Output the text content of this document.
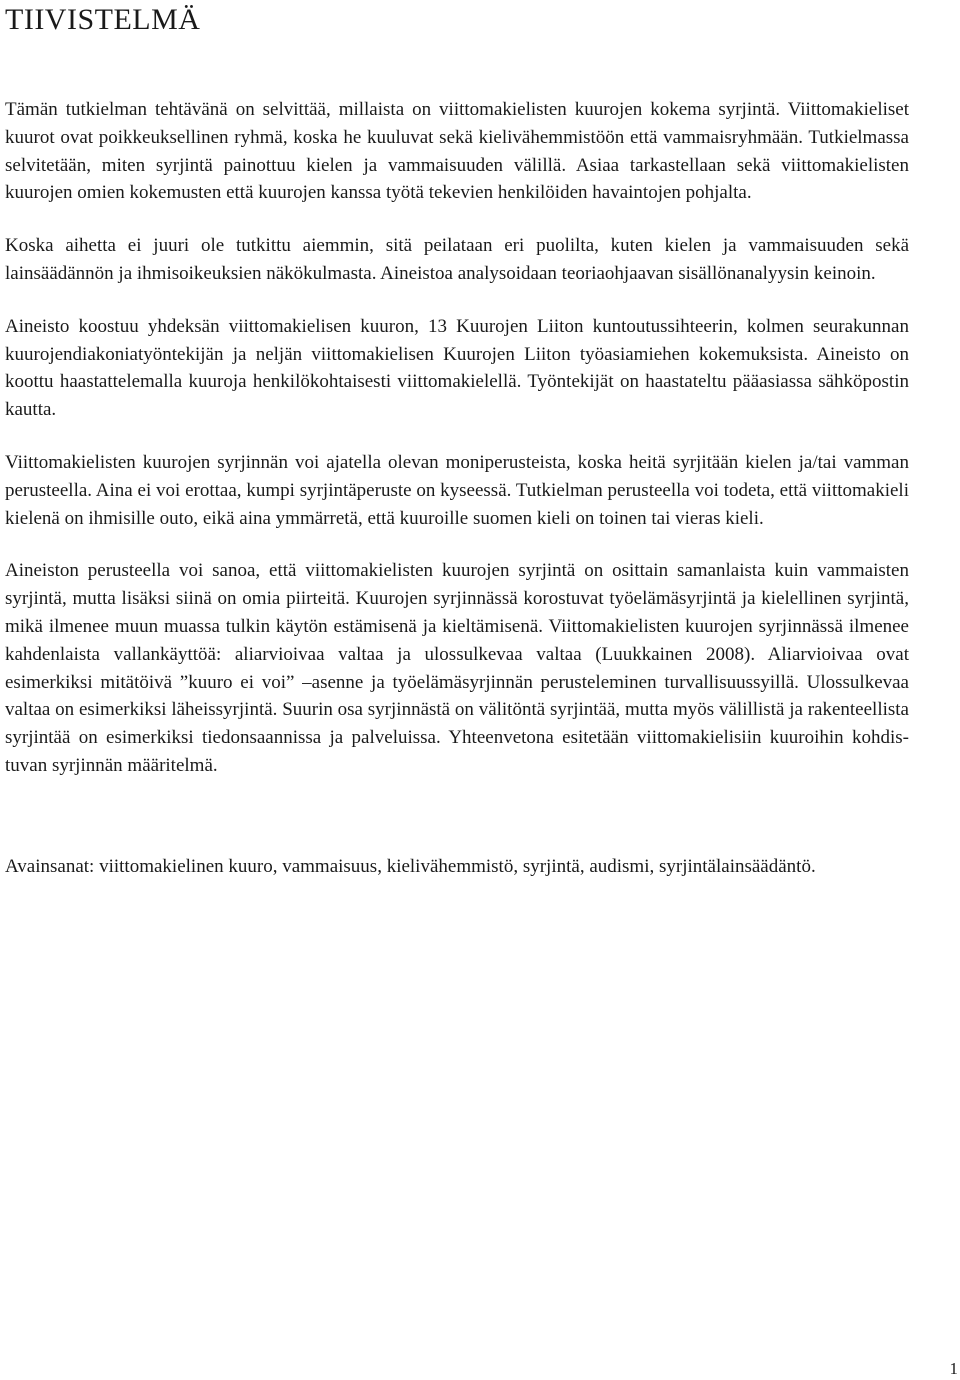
TIIVISTELMÄ

Tämän tutkielman tehtävänä on selvittää, millaista on viittomakielisten kuurojen kokema syrjintä. Viittomakieliset kuurot ovat poikkeuksellinen ryhmä, koska he kuuluvat sekä kielivähemmistöön että vammaisryhmään. Tutkielmassa selvitetään, miten syrjintä painottuu kielen ja vammaisuuden välillä. Asiaa tarkastellaan sekä viittomakielisten kuurojen omien kokemusten että kuurojen kanssa työtä tekevien henkilöiden havaintojen pohjalta.

Koska aihetta ei juuri ole tutkittu aiemmin, sitä peilataan eri puolilta, kuten kielen ja vammaisuuden sekä lainsäädännön ja ihmisoikeuksien näkökulmasta. Aineistoa analysoidaan teoriaohjaavan sisällönanalyysin keinoin.

Aineisto koostuu yhdeksän viittomakielisen kuuron, 13 Kuurojen Liiton kuntoutussihteerin, kolmen seurakunnan kuurojendiakoniatyöntekijän ja neljän viittomakielisen Kuurojen Liiton työasiamiehen kokemuksista. Aineisto on koottu haastattelemalla kuuroja henkilökohtaisesti viittomakielellä. Työntekijät on haastateltu pääasiassa sähköpostin kautta.

Viittomakielisten kuurojen syrjinnän voi ajatella olevan moniperusteista, koska heitä syrjitään kielen ja/tai vamman perusteella. Aina ei voi erottaa, kumpi syrjintäperuste on kyseessä. Tutkielman perusteella voi todeta, että viittomakieli kielenä on ihmisille outo, eikä aina ymmärretä, että kuuroille suomen kieli on toinen tai vieras kieli.

Aineiston perusteella voi sanoa, että viittomakielisten kuurojen syrjintä on osittain samanlaista kuin vammaisten syrjintä, mutta lisäksi siinä on omia piirteitä. Kuurojen syrjinnässä korostuvat työelämäsyrjintä ja kielellinen syrjintä, mikä ilmenee muun muassa tulkin käytön estämisenä ja kieltämisenä. Viittomakielisten kuurojen syrjinnässä ilmenee kahdenlaista vallankäyttöä: aliarvioivaa valtaa ja ulossulkevaa valtaa (Luukkainen 2008). Aliarvioivaa ovat esimerkiksi mitätöivä ”kuuro ei voi” –asenne ja työelämäsyrjinnän perusteleminen turvallisuussyillä. Ulossulkevaa valtaa on esimerkiksi läheissyrjintä. Suurin osa syrjinnästä on välitöntä syrjintää, mutta myös välillistä ja rakenteellista syrjintää on esimerkiksi tiedonsaannissa ja palveluissa. Yhteenvetona esitetään viittomakielisiin kuuroihin kohdistuvan syrjinnän määritelmä.

Avainsanat: viittomakielinen kuuro, vammaisuus, kielivähemmistö, syrjintä, audismi, syrjintälainsäädäntö.

1
